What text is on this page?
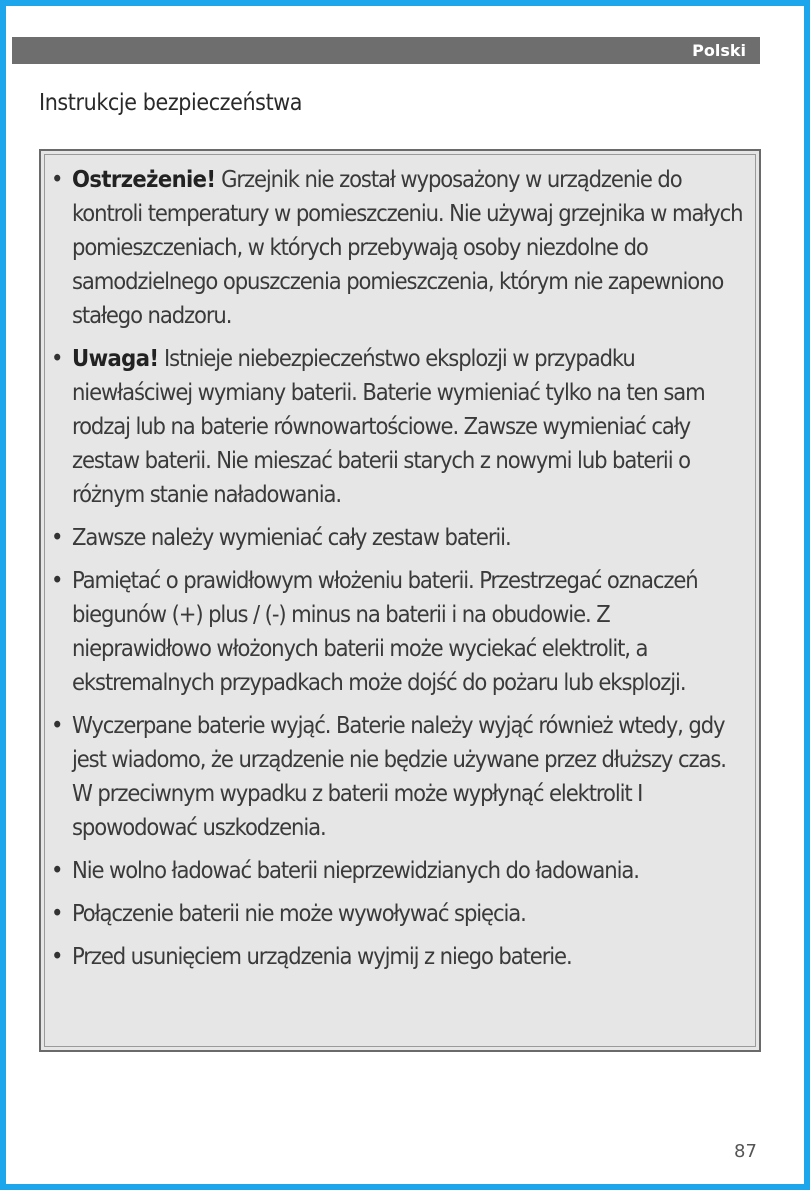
Polski
Instrukcje bezpieczeństwa
• Ostrzeżenie! Grzejnik nie został wyposażony w urządzenie do kontroli temperatury w pomieszczeniu. Nie używaj grzejnika w małych pomieszczeniach, w których przebywają osoby niezdolne do samodzielnego opuszczenia pomieszczenia, którym nie zapewniono stałego nadzoru.
• Uwaga! Istnieje niebezpieczeństwo eksplozji w przypadku niewłaściwej wymiany baterii. Baterie wymieniać tylko na ten sam rodzaj lub na baterie równowartościowe. Zawsze wymieniać cały zestaw baterii. Nie mieszać baterii starych z nowymi lub baterii o różnym stanie naładowania.
• Zawsze należy wymieniać cały zestaw baterii.
• Pamiętać o prawidłowym włożeniu baterii. Przestrzegać oznaczeń biegunów (+) plus / (-) minus na baterii i na obudowie. Z nieprawidłowo włożonych baterii może wyciekać elektrolit, a ekstremalnych przypadkach może dojść do pożaru lub eksplozji.
• Wyczerpane baterie wyjąć. Baterie należy wyjąć również wtedy, gdy jest wiadomo, że urządzenie nie będzie używane przez dłuższy czas. W przeciwnym wypadku z baterii może wypłynąć elektrolit I spowodować uszkodzenia.
• Nie wolno ładować baterii nieprzewidzianych do ładowania.
• Połączenie baterii nie może wywoływać spięcia.
• Przed usunięciem urządzenia wyjmij z niego baterie.
87
